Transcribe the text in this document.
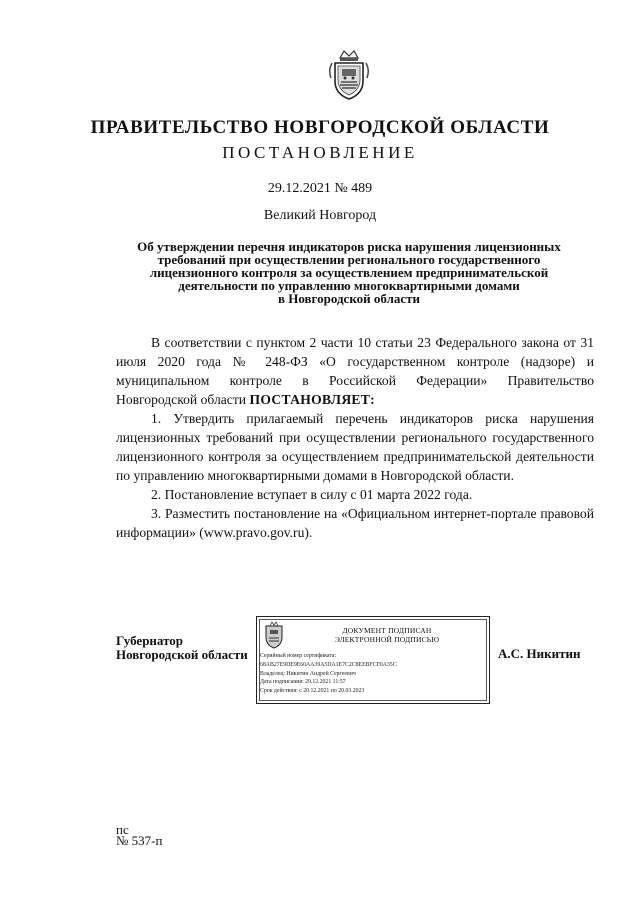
ПРАВИТЕЛЬСТВО НОВГОРОДСКОЙ ОБЛАСТИ
ПОСТАНОВЛЕНИЕ
29.12.2021 № 489
Великий Новгород
Об утверждении перечня индикаторов риска нарушения лицензионных
требований при осуществлении регионального государственного
лицензионного контроля за осуществлением предпринимательской
деятельности по управлению многоквартирными домами
в Новгородской области

В соответствии с пунктом 2 части 10 статьи 23 Федерального закона от 31 июля 2020 года № 248-ФЗ «О государственном контроле (надзоре) и муниципальном контроле в Российской Федерации» Правительство Новгородской области ПОСТАНОВЛЯЕТ:

1. Утвердить прилагаемый перечень индикаторов риска нарушения лицензионных требований при осуществлении регионального государственного лицензионного контроля за осуществлением предпринимательской деятельности по управлению многоквартирными домами в Новгородской области.

2. Постановление вступает в силу с 01 марта 2022 года.

3. Разместить постановление на «Официальном интернет-портале правовой информации» (www.pravo.gov.ru).

Губернатор
Новгородской области
ДОКУМЕНТ ПОДПИСАН
ЭЛЕКТРОННОЙ ПОДПИСЬЮ
Серийный номер сертификата:
68AB27E9DE9E60AA39A5DA1E7C2C8EEBFCF0A35C
Владелец: Никитин Андрей Сергеевич
Дата подписания: 29.12.2021 11:57
Срок действия: с 20.12.2021 по 20.03.2023
А.С. Никитин
пс
№ 537-п
